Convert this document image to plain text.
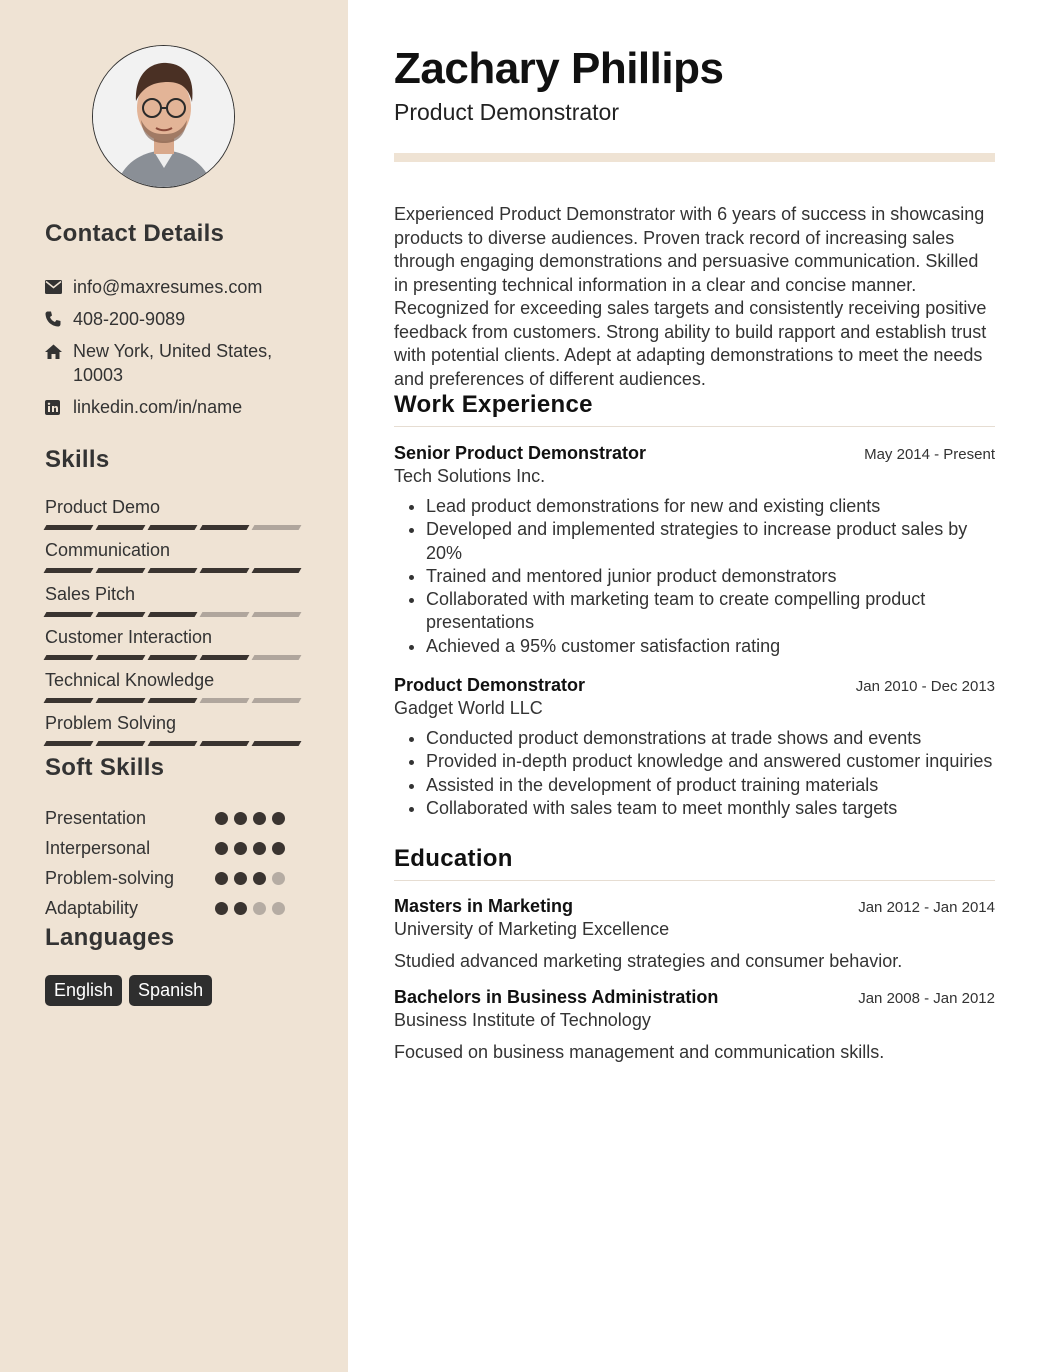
Contact Details
info@maxresumes.com
408-200-9089
New York, United States, 10003
linkedin.com/in/name
Skills
Product Demo
Communication
Sales Pitch
Customer Interaction
Technical Knowledge
Problem Solving
Soft Skills
Presentation
Interpersonal
Problem-solving
Adaptability
Languages
English	Spanish
Zachary Phillips
Product Demonstrator
Experienced Product Demonstrator with 6 years of success in showcasing products to diverse audiences. Proven track record of increasing sales through engaging demonstrations and persuasive communication. Skilled in presenting technical information in a clear and concise manner. Recognized for exceeding sales targets and consistently receiving positive feedback from customers. Strong ability to build rapport and establish trust with potential clients. Adept at adapting demonstrations to meet the needs and preferences of different audiences.
Work Experience
Senior Product Demonstrator	May 2014 - Present
Tech Solutions Inc.
• Lead product demonstrations for new and existing clients
• Developed and implemented strategies to increase product sales by 20%
• Trained and mentored junior product demonstrators
• Collaborated with marketing team to create compelling product presentations
• Achieved a 95% customer satisfaction rating
Product Demonstrator	Jan 2010 - Dec 2013
Gadget World LLC
• Conducted product demonstrations at trade shows and events
• Provided in-depth product knowledge and answered customer inquiries
• Assisted in the development of product training materials
• Collaborated with sales team to meet monthly sales targets
Education
Masters in Marketing	Jan 2012 - Jan 2014
University of Marketing Excellence
Studied advanced marketing strategies and consumer behavior.
Bachelors in Business Administration	Jan 2008 - Jan 2012
Business Institute of Technology
Focused on business management and communication skills.
